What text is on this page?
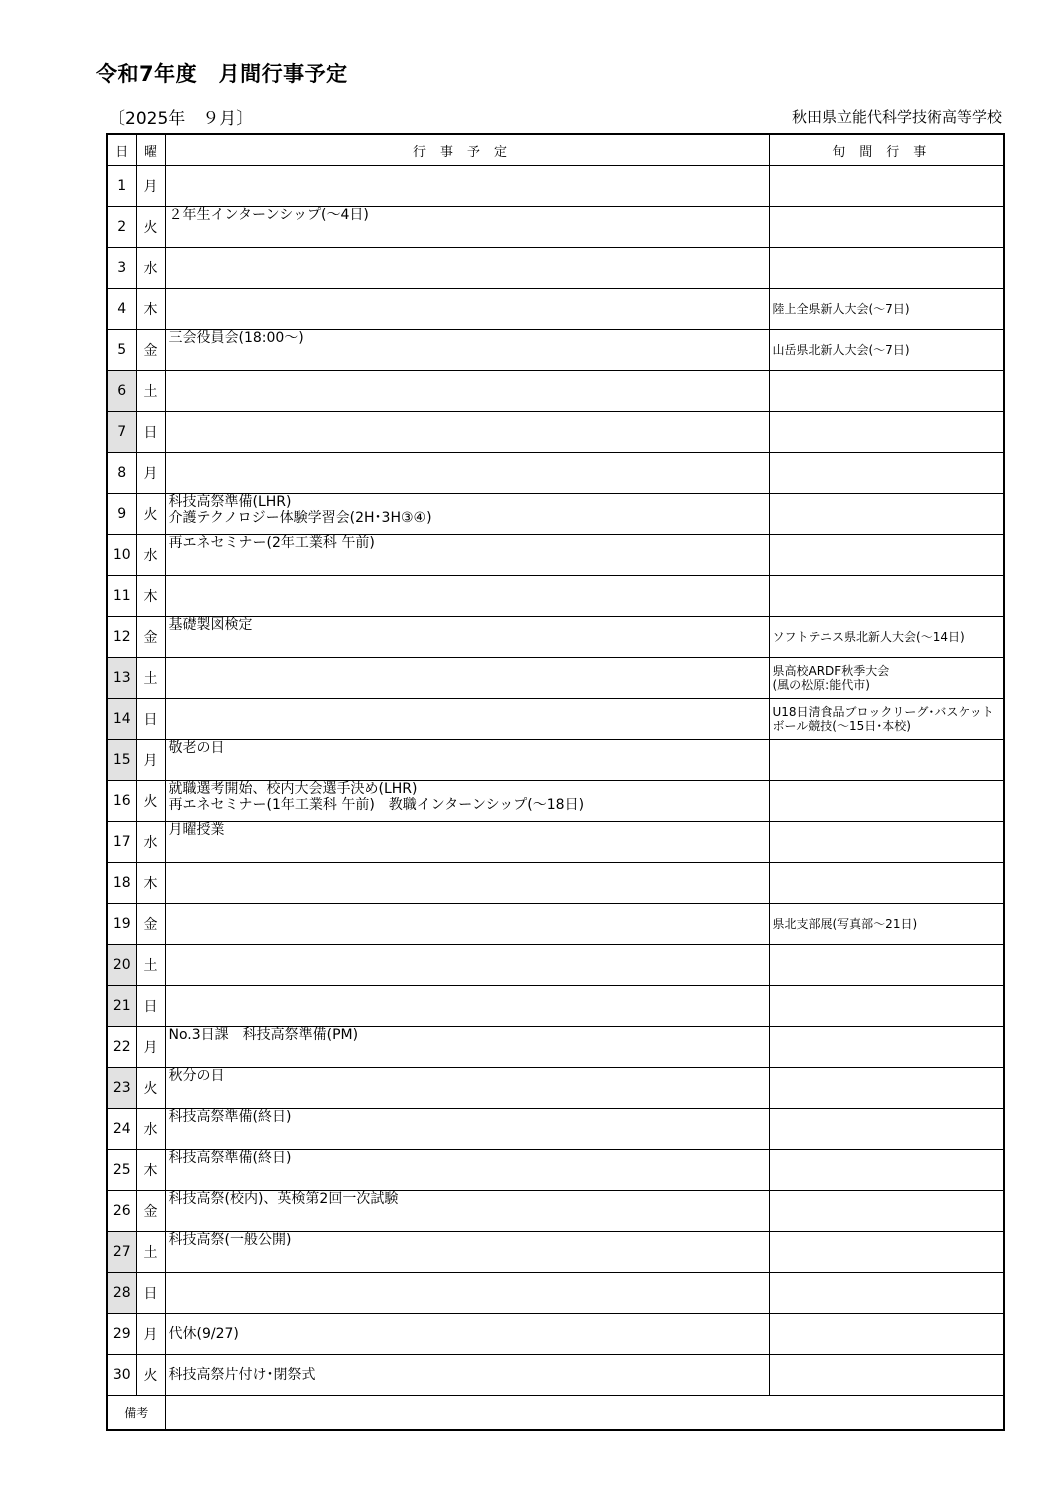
令和7年度　月間行事予定
〔2025年　９月〕	秋田県立能代科学技術高等学校
日	曜	行事予定	旬間行事
1	月		
2	火	２年生インターンシップ(～4日)	

3	水		
4	木		陸上全県新人大会(～7日)

5	金	三会役員会(18:00～)	山岳県北新人大会(～7日)

6	土		
7	日		
8	月		
9	火	科技高祭準備(LHR)
介護テクノロジー体験学習会(2H･3H③④)	

10	水	再エネセミナー(2年工業科 午前)	

11	木		
12	金	基礎製図検定	ソフトテニス県北新人大会(～14日)

13	土		県高校ARDF秋季大会
(風の松原:能代市)

14	日		U18日清食品ブロックリーグ･バスケット
ボール競技(～15日･本校)

15	月	敬老の日	

16	火	就職選考開始、校内大会選手決め(LHR)
再エネセミナー(1年工業科 午前)　教職インターンシップ(～18日)	

17	水	月曜授業	

18	木		
19	金		県北支部展(写真部～21日)

20	土		
21	日		
22	月	No.3日課　科技高祭準備(PM)	

23	火	秋分の日	

24	水	科技高祭準備(終日)	

25	木	科技高祭準備(終日)	

26	金	科技高祭(校内)、英検第2回一次試験	

27	土	科技高祭(一般公開)	

28	日		
29	月	代休(9/27)	

30	火	科技高祭片付け･閉祭式	

備考			
